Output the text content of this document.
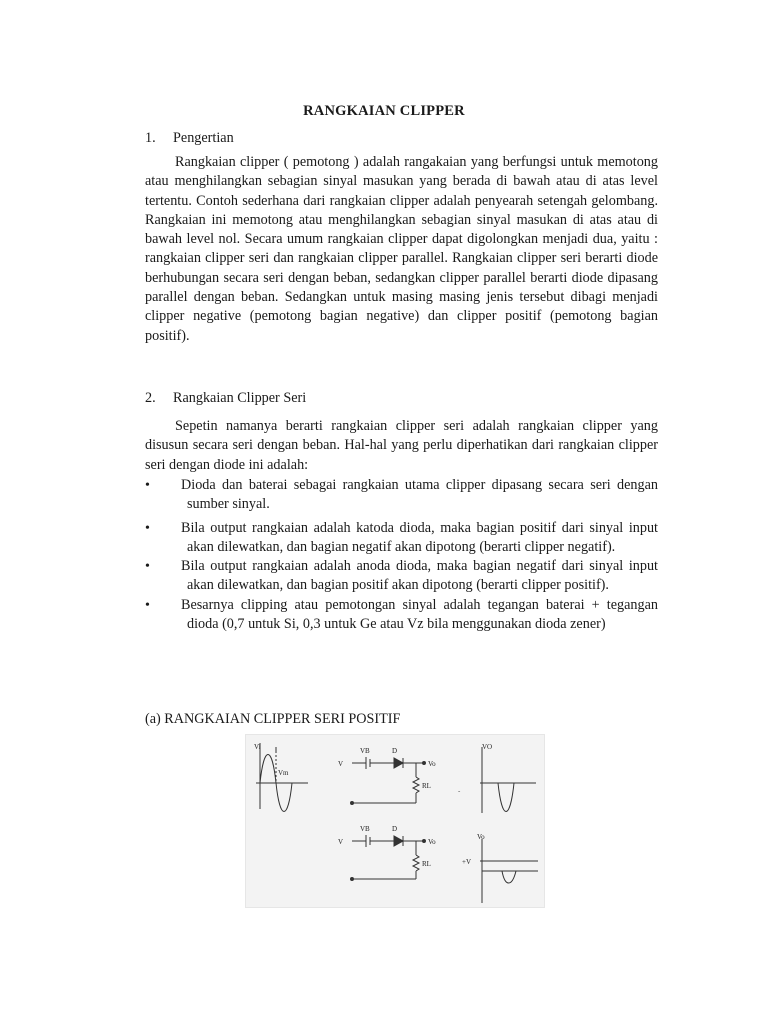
RANGKAIAN CLIPPER
1. Pengertian

Rangkaian clipper ( pemotong ) adalah rangakaian yang berfungsi untuk memotong atau menghilangkan sebagian sinyal masukan yang berada di bawah atau di atas level tertentu. Contoh sederhana dari rangkaian clipper adalah penyearah setengah gelombang. Rangkaian ini memotong atau menghilangkan sebagian sinyal masukan di atas atau di bawah level nol. Secara umum rangkaian clipper dapat digolongkan menjadi dua, yaitu : rangkaian clipper seri dan rangkaian clipper parallel. Rangkaian clipper seri berarti diode berhubungan secara seri dengan beban, sedangkan clipper parallel berarti diode dipasang parallel dengan beban. Sedangkan untuk masing masing jenis tersebut dibagi menjadi clipper negative (pemotong bagian negative) dan clipper positif (pemotong bagian positif).

2. Rangkaian Clipper Seri

Sepetin namanya berarti rangkaian clipper seri adalah rangkaian clipper yang disusun secara seri dengan beban. Hal-hal yang perlu diperhatikan dari rangkaian clipper seri dengan diode ini adalah:

• Dioda dan baterai sebagai rangkaian utama clipper dipasang secara seri dengan sumber sinyal.
• Bila output rangkaian adalah katoda dioda, maka bagian positif dari sinyal input akan dilewatkan, dan bagian negatif akan dipotong (berarti clipper negatif).
• Bila output rangkaian adalah anoda dioda, maka bagian negatif dari sinyal input akan dilewatkan, dan bagian positif akan dipotong (berarti clipper positif).
• Besarnya clipping atau pemotongan sinyal adalah tegangan baterai + tegangan dioda (0,7 untuk Si, 0,3 untuk Ge atau Vz bila menggunakan dioda zener)
(a) RANGKAIAN CLIPPER SERI POSITIF
Vi
Vm
V
VB	D
Vo
RL
VO
-
V
VB	D
Vo
RL
Vo
+V
